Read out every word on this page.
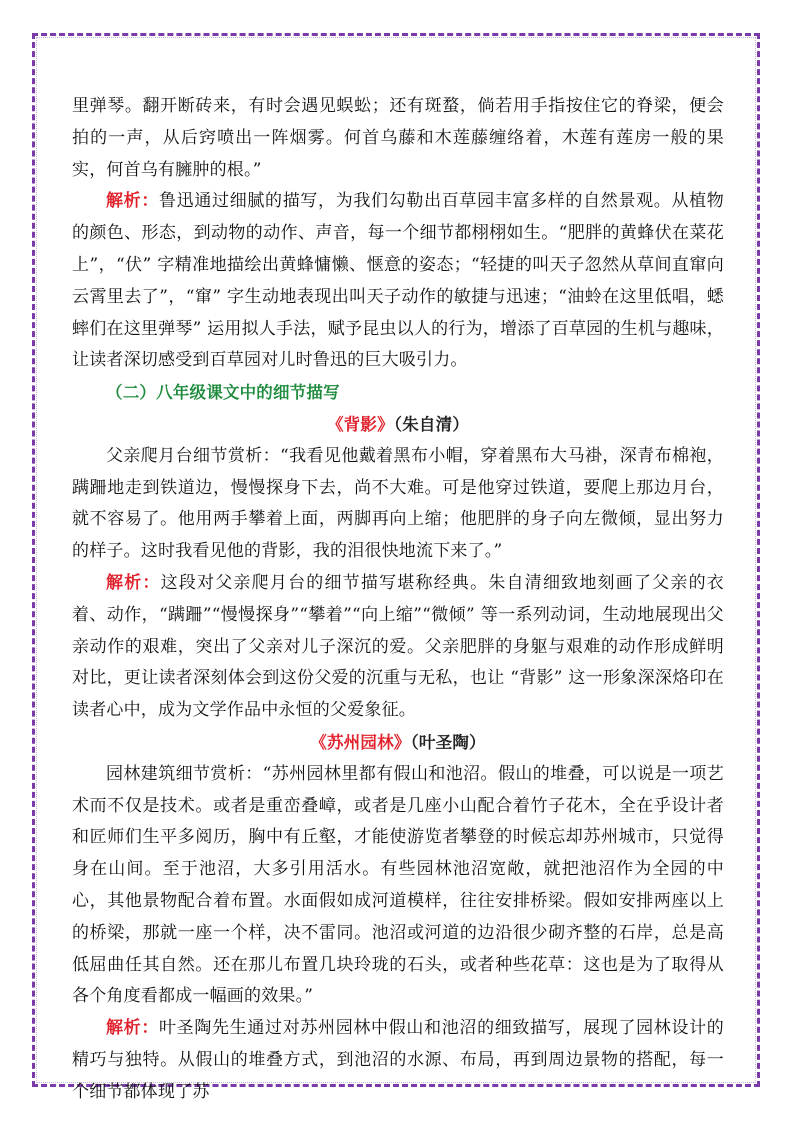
里弹琴。翻开断砖来，有时会遇见蜈蚣；还有斑蝥，倘若用手指按住它的脊梁，便会拍的一声，从后窍喷出一阵烟雾。何首乌藤和木莲藤缠络着，木莲有莲房一般的果实，何首乌有臃肿的根。”

解析：鲁迅通过细腻的描写，为我们勾勒出百草园丰富多样的自然景观。从植物的颜色、形态，到动物的动作、声音，每一个细节都栩栩如生。“肥胖的黄蜂伏在菜花上”，“伏” 字精准地描绘出黄蜂慵懒、惬意的姿态；“轻捷的叫天子忽然从草间直窜向云霄里去了”，“窜” 字生动地表现出叫天子动作的敏捷与迅速；“油蛉在这里低唱，蟋蟀们在这里弹琴” 运用拟人手法，赋予昆虫以人的行为，增添了百草园的生机与趣味，让读者深切感受到百草园对儿时鲁迅的巨大吸引力。

（二）八年级课文中的细节描写

《背影》（朱自清）

父亲爬月台细节赏析：“我看见他戴着黑布小帽，穿着黑布大马褂，深青布棉袍，蹒跚地走到铁道边，慢慢探身下去，尚不大难。可是他穿过铁道，要爬上那边月台，就不容易了。他用两手攀着上面，两脚再向上缩；他肥胖的身子向左微倾，显出努力的样子。这时我看见他的背影，我的泪很快地流下来了。”

解析：这段对父亲爬月台的细节描写堪称经典。朱自清细致地刻画了父亲的衣着、动作，“蹒跚”“慢慢探身”“攀着”“向上缩”“微倾” 等一系列动词，生动地展现出父亲动作的艰难，突出了父亲对儿子深沉的爱。父亲肥胖的身躯与艰难的动作形成鲜明对比，更让读者深刻体会到这份父爱的沉重与无私，也让 “背影” 这一形象深深烙印在读者心中，成为文学作品中永恒的父爱象征。

《苏州园林》（叶圣陶）

园林建筑细节赏析：“苏州园林里都有假山和池沼。假山的堆叠，可以说是一项艺术而不仅是技术。或者是重峦叠嶂，或者是几座小山配合着竹子花木，全在乎设计者和匠师们生平多阅历，胸中有丘壑，才能使游览者攀登的时候忘却苏州城市，只觉得身在山间。至于池沼，大多引用活水。有些园林池沼宽敞，就把池沼作为全园的中心，其他景物配合着布置。水面假如成河道模样，往往安排桥梁。假如安排两座以上的桥梁，那就一座一个样，决不雷同。池沼或河道的边沿很少砌齐整的石岸，总是高低屈曲任其自然。还在那儿布置几块玲珑的石头，或者种些花草：这也是为了取得从各个角度看都成一幅画的效果。”

解析：叶圣陶先生通过对苏州园林中假山和池沼的细致描写，展现了园林设计的精巧与独特。从假山的堆叠方式，到池沼的水源、布局，再到周边景物的搭配，每一个细节都体现了苏
